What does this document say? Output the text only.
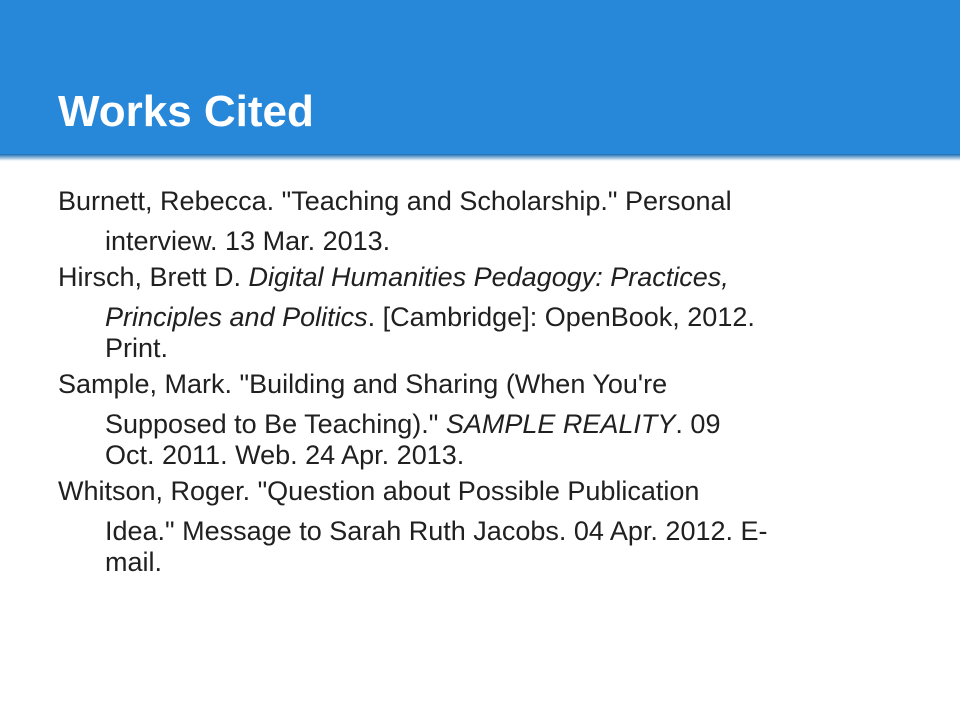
Works Cited
Burnett, Rebecca. "Teaching and Scholarship." Personal
interview. 13 Mar. 2013.
Hirsch, Brett D. Digital Humanities Pedagogy: Practices,
Principles and Politics. [Cambridge]: OpenBook, 2012.
Print.
Sample, Mark. "Building and Sharing (When You're
Supposed to Be Teaching)." SAMPLE REALITY. 09
Oct. 2011. Web. 24 Apr. 2013.
Whitson, Roger. "Question about Possible Publication
Idea." Message to Sarah Ruth Jacobs. 04 Apr. 2012. E-
mail.
